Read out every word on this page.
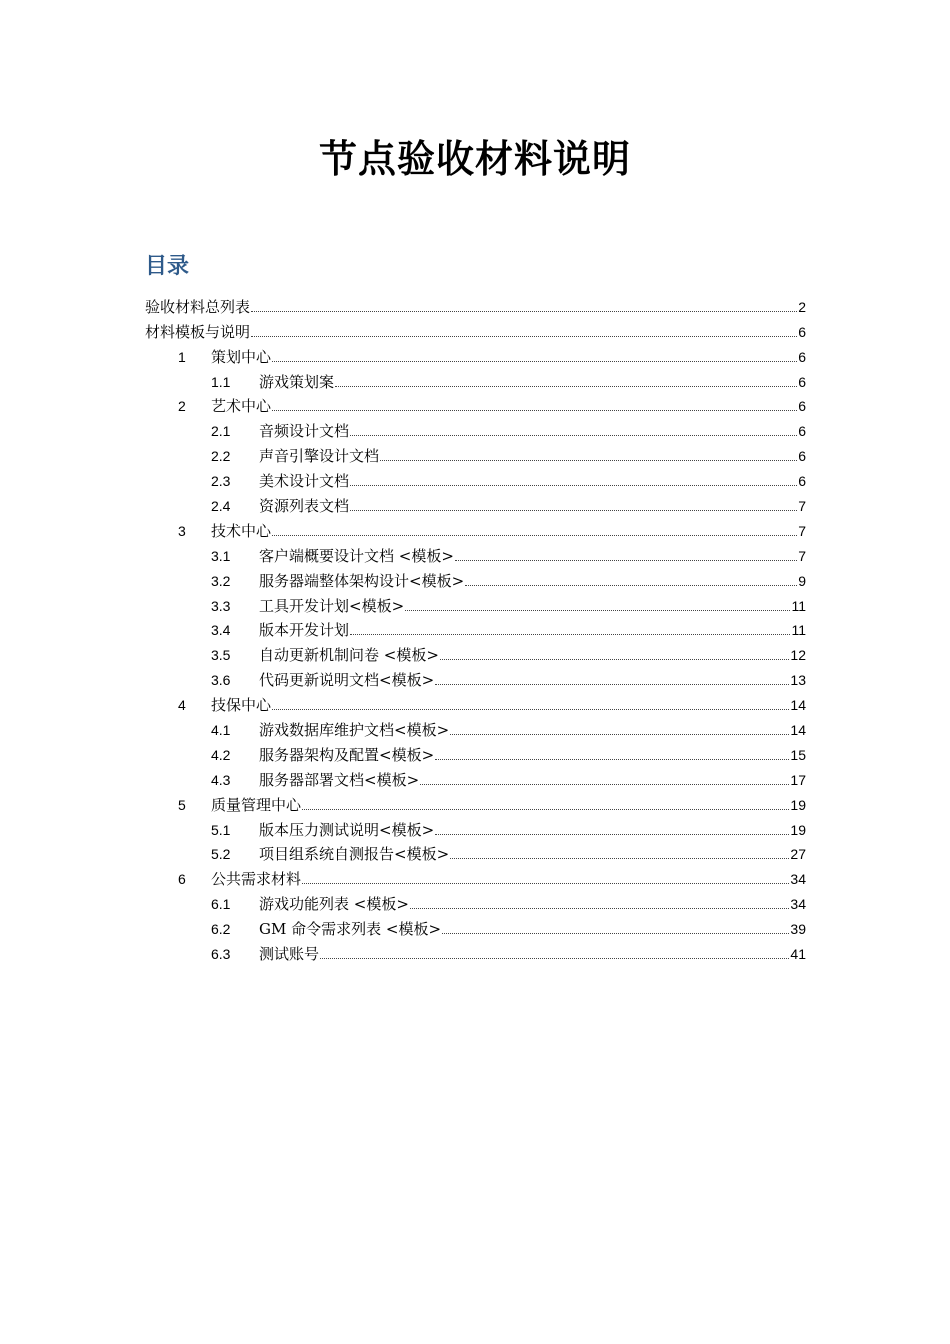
节点验收材料说明
目录
验收材料总列表	2
材料模板与说明	6
1	策划中心	6
1.1	游戏策划案	6
2	艺术中心	6
2.1	音频设计文档	6
2.2	声音引擎设计文档	6
2.3	美术设计文档	6
2.4	资源列表文档	7
3	技术中心	7
3.1	客户端概要设计文档 <模板>	7
3.2	服务器端整体架构设计<模板>	9
3.3	工具开发计划<模板>	11
3.4	版本开发计划	11
3.5	自动更新机制问卷 <模板>	12
3.6	代码更新说明文档<模板>	13
4	技保中心	14
4.1	游戏数据库维护文档<模板>	14
4.2	服务器架构及配置<模板>	15
4.3	服务器部署文档<模板>	17
5	质量管理中心	19
5.1	版本压力测试说明<模板>	19
5.2	项目组系统自测报告<模板>	27
6	公共需求材料	34
6.1	游戏功能列表 <模板>	34
6.2	GM 命令需求列表 <模板>	39
6.3	测试账号	41
